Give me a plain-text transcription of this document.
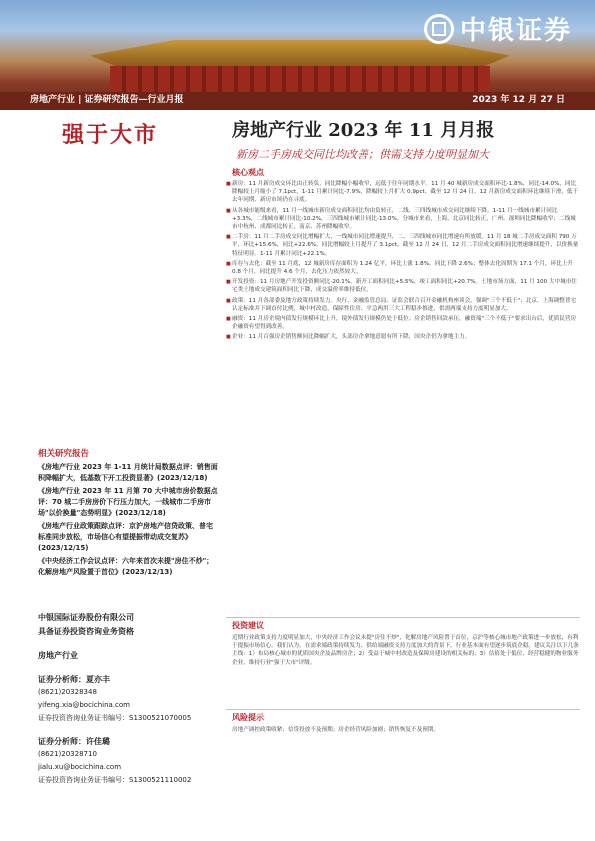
中银证券
房地产行业 | 证券研究报告—行业月报	2023 年 12 月 27 日
强于大市
相关研究报告
《房地产行业 2023 年 1-11 月统计局数据点评：销售面积降幅扩大，低基数下开工投资显著》(2023/12/18)
《房地产行业 2023 年 11 月第 70 大中城市房价数据点评：70 城二手房房价下行压力加大，一线城市二手房市场"以价换量"态势明显》(2023/12/18)
《房地产行业政策跟踪点评：京沪房地产信贷政策、普宅标准同步放松，市场信心有望提振带动成交复苏》(2023/12/15)
《中央经济工作会议点评：六年来首次未提"房住不炒"；化解房地产风险置于首位》(2023/12/13)
中银国际证券股份有限公司
具备证券投资咨询业务资格
房地产行业
证券分析师：夏亦丰
(8621)20328348
yifeng.xia@bocichina.com
证券投资咨询业务证书编号：S1300521070005
证券分析师：许佳璐
(8621)20328710
jialu.xu@bocichina.com
证券投资咨询业务证书编号：S1300521110002
房地产行业 2023 年 11 月月报
新房二手房成交同比均改善；供需支持力度明显加大
核心观点

■ 新房：11 月新房成交环比由正转负，同比降幅小幅收窄，远低于往年同期水平。11 月 40 城新房成交面积环比-1.8%，同比-14.0%，同比降幅较上月缩小了 7.1pct，1-11 月累计同比-7.9%，降幅较上月扩大 0.9pct。截至 12 月 24 日，12 月新房成交面积环比继续下滑，低于去年同期，新房市场仍在寻底。

■ 从各城市能级来看，11 月一线城市新房成交面积同比均由负转正，二线、三四线城市成交同比继续下降。1-11 月一线城市累计同比+3.3%，二线城市累计同比-10.2%，三四线城市累计同比-13.0%。分城市来看，上海、北京同比转正，广州、深圳同比降幅收窄；二线城市中杭州、成都同比转正，南京、苏州降幅收窄。

■ 二手房：11 月二手房成交同比增幅扩大，一线城市同比增速提升，二、三四线城市同比增速有所放缓。11 月 18 城二手房成交面积 790 万平，环比+15.6%，同比+22.6%，同比增幅较上月提升了 3.1pct，截至 12 月 24 日，12 月二手房成交面积同比增速继续提升，以价换量特征明显。1-11 月累计同比+22.1%。

■ 库存与去化：截至 11 月底，12 城新房库存面积为 1.24 亿平，环比上涨 1.8%，同比下降 2.6%；整体去化周期为 17.1 个月，环比上升 0.8 个月，同比提升 4.6 个月，去化压力依然较大。

■ 开发投资：11 月房地产开发投资额同比-20.1%，新开工面积同比+5.5%，竣工面积同比+20.7%。土地市场方面，11 月 100 大中城市住宅类土地成交建筑面积同比下降，成交溢价率维持低位。

■ 政策：11 月各部委及地方政策持续发力。央行、金融监管总局、证监会联合召开金融机构座谈会，强调"三个不低于"；北京、上海调整普宅认定标准并下调首付比例，城中村改造、保障性住房、平急两用三大工程稳步推进，供需两端支持力度明显加大。

■ 融资：11 月房企境内债发行规模环比上升，境外债发行规模仍处于低位；房企销售回款承压，融资端"三个不低于"要求出台后，优质民营房企融资有望得到改善。

■ 企业：11 月百强房企销售额同比降幅扩大，头部房企拿地意愿有所下降，国央企仍为拿地主力。

投资建议
近期行业政策支持力度明显加大，中央经济工作会议未提"房住不炒"，化解房地产风险置于首位，京沪等核心城市地产政策进一步放松，有利于提振市场信心。我们认为，在需求端政策持续发力、供给端融资支持力度加大的背景下，行业基本面有望逐步筑底企稳。建议关注以下几条主线：1）布局核心城市的优质国央企及品牌房企；2）受益于城中村改造及保障房建设的相关标的；3）估值处于低位、经营稳健的物业服务企业。维持行业"强于大市"评级。
风险提示
房地产调控政策收紧；信贷投放不及预期；房企经营风险加剧；销售恢复不及预期。
